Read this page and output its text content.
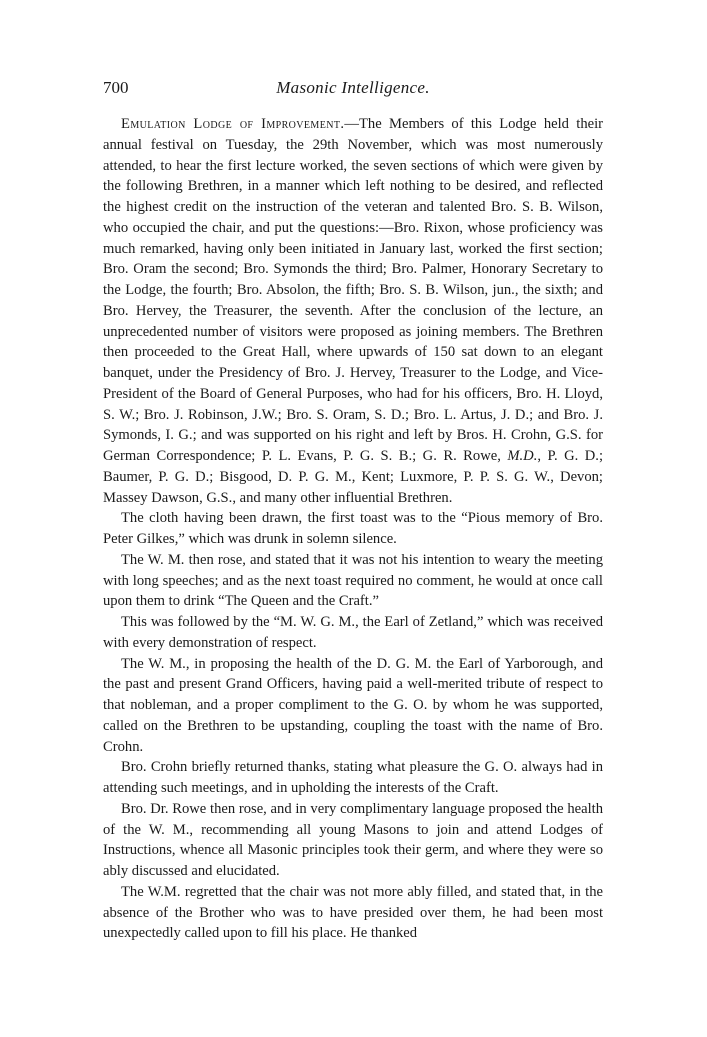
700	Masonic Intelligence.

Emulation Lodge of Improvement.—The Members of this Lodge held their annual festival on Tuesday, the 29th November, which was most numerously attended, to hear the first lecture worked, the seven sections of which were given by the following Brethren, in a manner which left nothing to be desired, and reflected the highest credit on the instruction of the veteran and talented Bro. S. B. Wilson, who occupied the chair, and put the questions:—Bro. Rixon, whose proficiency was much remarked, having only been initiated in January last, worked the first section; Bro. Oram the second; Bro. Symonds the third; Bro. Palmer, Honorary Secretary to the Lodge, the fourth; Bro. Absolon, the fifth; Bro. S. B. Wilson, jun., the sixth; and Bro. Hervey, the Treasurer, the seventh. After the conclusion of the lecture, an unprecedented number of visitors were proposed as joining members. The Brethren then proceeded to the Great Hall, where upwards of 150 sat down to an elegant banquet, under the Presidency of Bro. J. Hervey, Treasurer to the Lodge, and Vice-President of the Board of General Purposes, who had for his officers, Bro. H. Lloyd, S. W.; Bro. J. Robinson, J.W.; Bro. S. Oram, S. D.; Bro. L. Artus, J. D.; and Bro. J. Symonds, I. G.; and was supported on his right and left by Bros. H. Crohn, G.S. for German Correspondence; P. L. Evans, P. G. S. B.; G. R. Rowe, M.D., P. G. D.; Baumer, P. G. D.; Bisgood, D. P. G. M., Kent; Luxmore, P. P. S. G. W., Devon; Massey Dawson, G.S., and many other influential Brethren.

The cloth having been drawn, the first toast was to the “Pious memory of Bro. Peter Gilkes,” which was drunk in solemn silence.

The W. M. then rose, and stated that it was not his intention to weary the meeting with long speeches; and as the next toast required no comment, he would at once call upon them to drink “The Queen and the Craft.”

This was followed by the “M. W. G. M., the Earl of Zetland,” which was received with every demonstration of respect.

The W. M., in proposing the health of the D. G. M. the Earl of Yarborough, and the past and present Grand Officers, having paid a well-merited tribute of respect to that nobleman, and a proper compliment to the G. O. by whom he was supported, called on the Brethren to be upstanding, coupling the toast with the name of Bro. Crohn.

Bro. Crohn briefly returned thanks, stating what pleasure the G. O. always had in attending such meetings, and in upholding the interests of the Craft.

Bro. Dr. Rowe then rose, and in very complimentary language proposed the health of the W. M., recommending all young Masons to join and attend Lodges of Instructions, whence all Masonic principles took their germ, and where they were so ably discussed and elucidated.

The W.M. regretted that the chair was not more ably filled, and stated that, in the absence of the Brother who was to have presided over them, he had been most unexpectedly called upon to fill his place. He thanked
